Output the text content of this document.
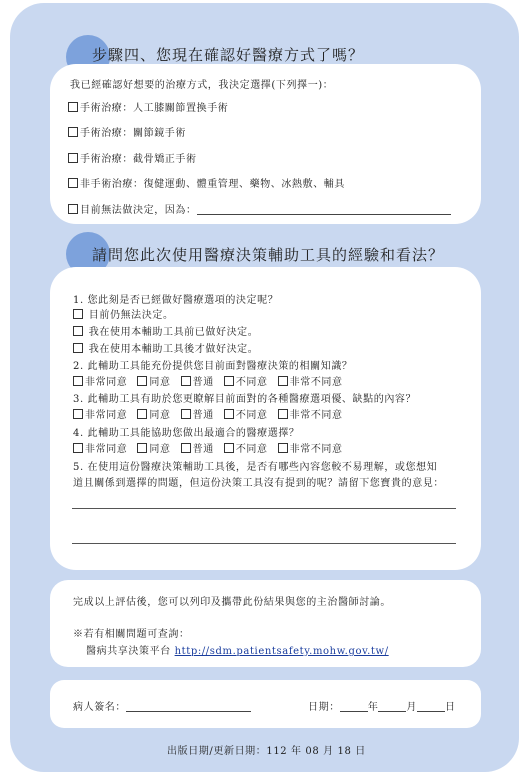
步驟四、您現在確認好醫療方式了嗎？
我已經確認好想要的治療方式，我決定選擇(下列擇一)：
手術治療：人工膝關節置換手術
手術治療：關節鏡手術
手術治療：截骨矯正手術
非手術治療：復健運動、體重管理、藥物、冰熱敷、輔具
目前無法做決定，因為：
請問您此次使用醫療決策輔助工具的經驗和看法？
1. 您此刻是否已經做好醫療選項的決定呢？
目前仍無法決定。
我在使用本輔助工具前已做好決定。
我在使用本輔助工具後才做好決定。
2. 此輔助工具能充份提供您目前面對醫療決策的相關知識？
非常同意 同意 普通 不同意 非常不同意
3. 此輔助工具有助於您更瞭解目前面對的各種醫療選項優、缺點的內容？
非常同意 同意 普通 不同意 非常不同意
4. 此輔助工具能協助您做出最適合的醫療選擇？
非常同意 同意 普通 不同意 非常不同意
5. 在使用這份醫療決策輔助工具後，是否有哪些內容您較不易理解，或您想知
道且關係到選擇的問題，但這份決策工具沒有提到的呢？請留下您寶貴的意見：
完成以上評估後，您可以列印及攜帶此份結果與您的主治醫師討論。
※若有相關問題可查詢：
醫病共享決策平台 http://sdm.patientsafety.mohw.gov.tw/
病人簽名：	日期：	年	月	日
出版日期/更新日期：112 年 08 月 18 日
